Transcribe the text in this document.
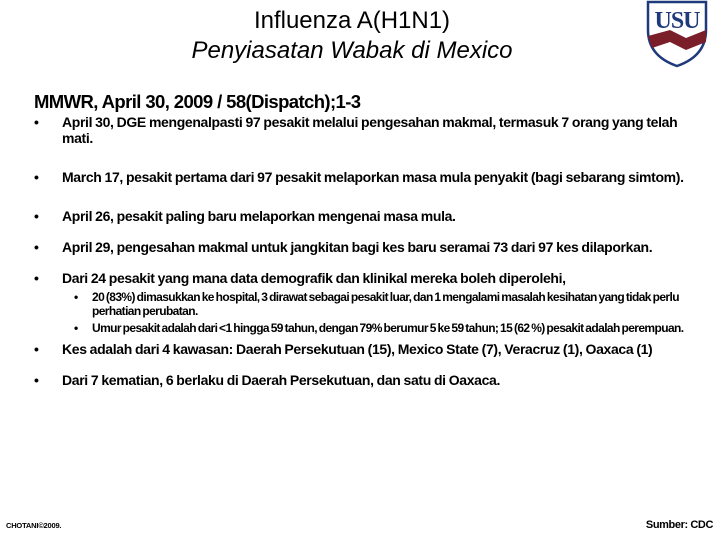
Influenza A(H1N1)
Penyiasatan Wabak di Mexico
USU
MMWR, April 30, 2009 / 58(Dispatch);1-3
• April 30, DGE mengenalpasti 97 pesakit melalui pengesahan makmal, termasuk 7 orang yang telah mati.
• March 17, pesakit pertama dari 97 pesakit melaporkan masa mula penyakit (bagi sebarang simtom).
• April 26, pesakit paling baru melaporkan mengenai masa mula.
• April 29, pengesahan makmal untuk jangkitan bagi kes baru seramai 73 dari 97 kes dilaporkan.
• Dari 24 pesakit yang mana data demografik dan klinikal mereka boleh diperolehi,
• 20 (83%) dimasukkan ke hospital, 3 dirawat sebagai pesakit luar, dan 1 mengalami masalah kesihatan yang tidak perlu perhatian perubatan.
• Umur pesakit adalah dari <1 hingga 59 tahun, dengan 79% berumur 5 ke 59 tahun; 15 (62 %) pesakit adalah perempuan.
• Kes adalah dari 4 kawasan: Daerah Persekutuan (15), Mexico State (7), Veracruz (1), Oaxaca (1)
• Dari 7 kematian, 6 berlaku di Daerah Persekutuan, dan satu di Oaxaca.
CHOTANI©2009.	Sumber: CDC
